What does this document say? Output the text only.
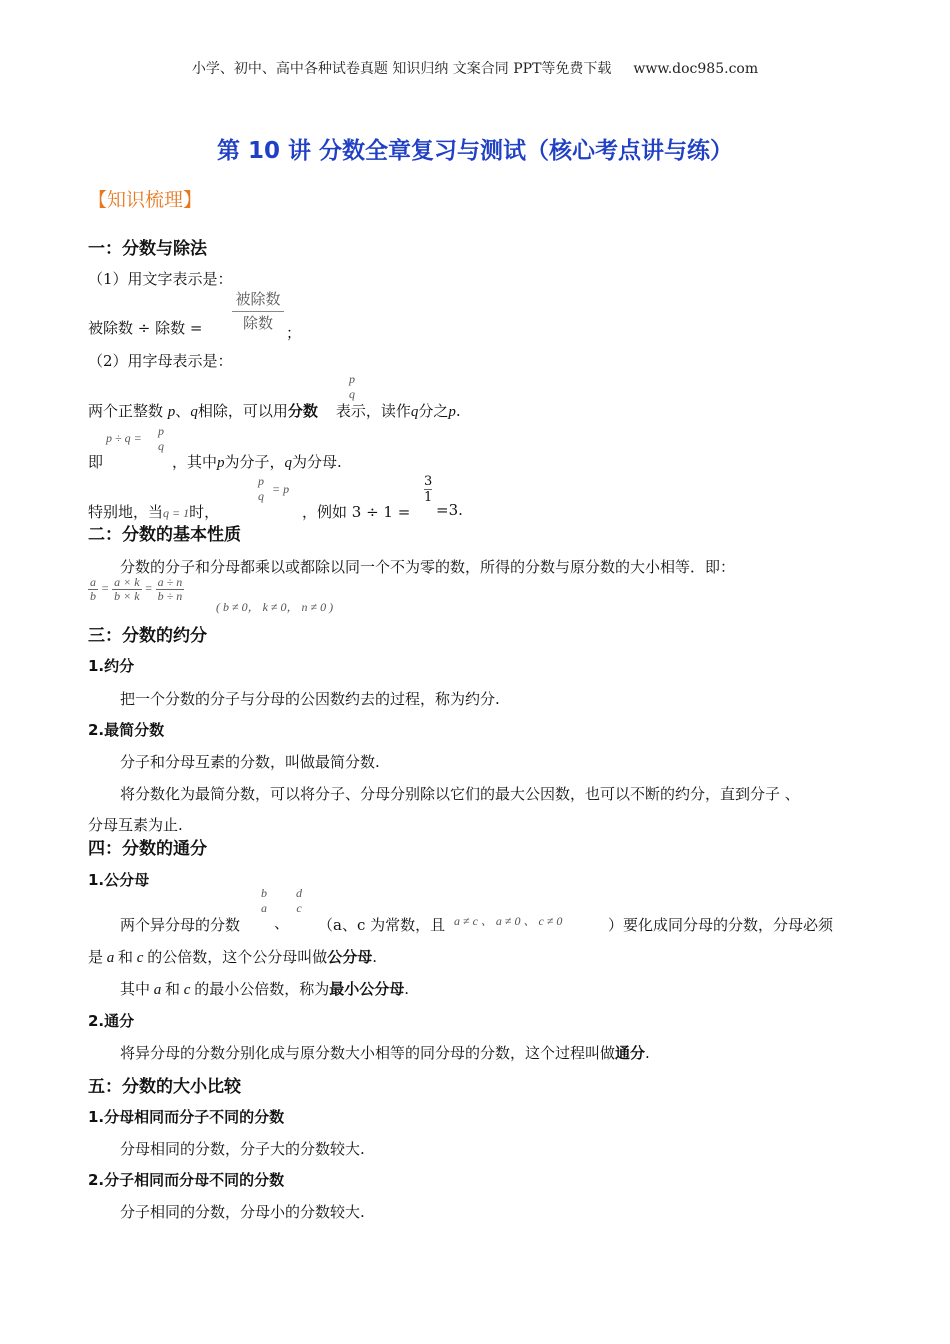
小学、初中、高中各种试卷真题 知识归纳 文案合同 PPT等免费下载 www.doc985.com
第 10 讲 分数全章复习与测试（核心考点讲与练）
【知识梳理】
一：分数与除法
（1）用文字表示是：
被除数
除数
被除数 ÷ 除数 =	；
（2）用字母表示是：
p
q
两个正整数 p、q相除，可以用分数 表示，读作q分之p.
p ÷ q = p
q
即	，其中p为分子，q为分母.
p
q = p	$\frac{3}{1}$
特别地，当q = 1时，	，例如 3 ÷ 1 = =3.
二：分数的基本性质
分数的分子和分母都乘以或都除以同一个不为零的数，所得的分数与原分数的大小相等．即：
$\frac{a}{b} = \frac{a \times k}{b \times k} = \frac{a \div n}{b \div n}$
( b ≠ 0， k ≠ 0， n ≠ 0 )
三：分数的约分
1.约分
把一个分数的分子与分母的公因数约去的过程，称为约分.
2.最简分数
分子和分母互素的分数，叫做最简分数.
将分数化为最简分数，可以将分子、分母分别除以它们的最大公因数，也可以不断的约分，直到分子 、
分母互素为止.
四：分数的通分
1.公分母
b
a
、
d
c
两个异分母的分数	（a、c 为常数，且 a ≠ c 、 a ≠ 0 、 c ≠ 0	）要化成同分母的分数，分母必须
是 a 和 c 的公倍数，这个公分母叫做公分母.
其中 a 和 c 的最小公倍数，称为最小公分母.
2.通分
将异分母的分数分别化成与原分数大小相等的同分母的分数，这个过程叫做通分.
五：分数的大小比较
1.分母相同而分子不同的分数
分母相同的分数，分子大的分数较大.
2.分子相同而分母不同的分数
分子相同的分数，分母小的分数较大.
